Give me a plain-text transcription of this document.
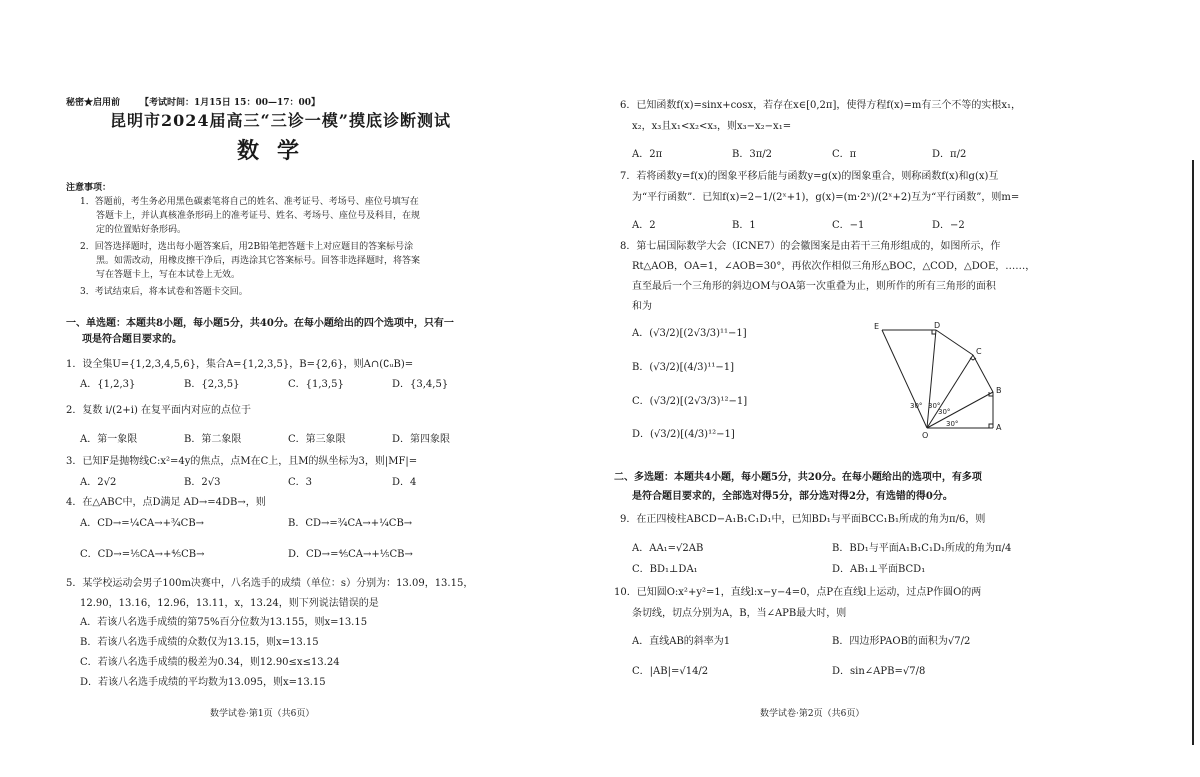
秘密★启用前 【考试时间：1月15日 15：00—17：00】
昆明市2024届高三“三诊一模”摸底诊断测试
数学
注意事项：
1．答题前，考生务必用黑色碳素笔将自己的姓名、准考证号、考场号、座位号填写在
答题卡上，并认真核准条形码上的准考证号、姓名、考场号、座位号及科目，在规
定的位置贴好条形码。
2．回答选择题时，选出每小题答案后，用2B铅笔把答题卡上对应题目的答案标号涂
黑。如需改动，用橡皮擦干净后，再选涂其它答案标号。回答非选择题时，将答案
写在答题卡上，写在本试卷上无效。
3．考试结束后，将本试卷和答题卡交回。
一、单选题：本题共8小题，每小题5分，共40分。在每小题给出的四个选项中，只有一
项是符合题目要求的。
1．设全集U={1,2,3,4,5,6}，集合A={1,2,3,5}，B={2,6}，则A∩(∁ᵤB)=
A．{1,2,3}	B．{2,3,5}	C．{1,3,5}	D．{3,4,5}
2．复数 i/(2+i) 在复平面内对应的点位于
A．第一象限	B．第二象限	C．第三象限	D．第四象限
3．已知F是抛物线C:x²=4y的焦点，点M在C上，且M的纵坐标为3，则|MF|=
A．2√2	B．2√3	C．3	D．4
4．在△ABC中，点D满足 AD→=4DB→，则
A．CD→=¼CA→+¾CB→	B．CD→=¾CA→+¼CB→
C．CD→=⅕CA→+⅘CB→	D．CD→=⅘CA→+⅕CB→
5．某学校运动会男子100m决赛中，八名选手的成绩（单位：s）分别为：13.09，13.15，
12.90，13.16，12.96，13.11，x，13.24，则下列说法错误的是
A．若该八名选手成绩的第75%百分位数为13.155，则x=13.15
B．若该八名选手成绩的众数仅为13.15，则x=13.15
C．若该八名选手成绩的极差为0.34，则12.90≤x≤13.24
D．若该八名选手成绩的平均数为13.095，则x=13.15
数学试卷·第1页（共6页）
6．已知函数f(x)=sinx+cosx，若存在x∈[0,2π]，使得方程f(x)=m有三个不等的实根x₁，
x₂，x₃且x₁<x₂<x₃，则x₃−x₂−x₁=
A．2π	B．3π/2	C．π	D．π/2
7．若将函数y=f(x)的图象平移后能与函数y=g(x)的图象重合，则称函数f(x)和g(x)互
为“平行函数”．已知f(x)=2−1/(2ˣ+1)，g(x)=(m·2ˣ)/(2ˣ+2)互为“平行函数”，则m=
A．2	B．1	C．−1	D．−2
8．第七届国际数学大会（ICNE7）的会徽图案是由若干三角形组成的，如图所示，作
Rt△AOB，OA=1，∠AOB=30°，再依次作相似三角形△BOC，△COD，△DOE，……，
直至最后一个三角形的斜边OM与OA第一次重叠为止，则所作的所有三角形的面积
和为
A．(√3/2)[(2√3/3)¹¹−1]
B．(√3/2)[(4/3)¹¹−1]
C．(√3/2)[(2√3/3)¹²−1]
D．(√3/2)[(4/3)¹²−1]
E	D
C
B
A
O
30° 30°
30°
30°
二、多选题：本题共4小题，每小题5分，共20分。在每小题给出的选项中，有多项
是符合题目要求的，全部选对得5分，部分选对得2分，有选错的得0分。
9．在正四棱柱ABCD−A₁B₁C₁D₁中，已知BD₁与平面BCC₁B₁所成的角为π/6，则
A．AA₁=√2AB	B．BD₁与平面A₁B₁C₁D₁所成的角为π/4
C．BD₁⊥DA₁	D．AB₁⊥平面BCD₁
10．已知圆O:x²+y²=1，直线l:x−y−4=0，点P在直线l上运动，过点P作圆O的两
条切线，切点分别为A，B，当∠APB最大时，则
A．直线AB的斜率为1	B．四边形PAOB的面积为√7/2
C．|AB|=√14/2	D．sin∠APB=√7/8
数学试卷·第2页（共6页）
